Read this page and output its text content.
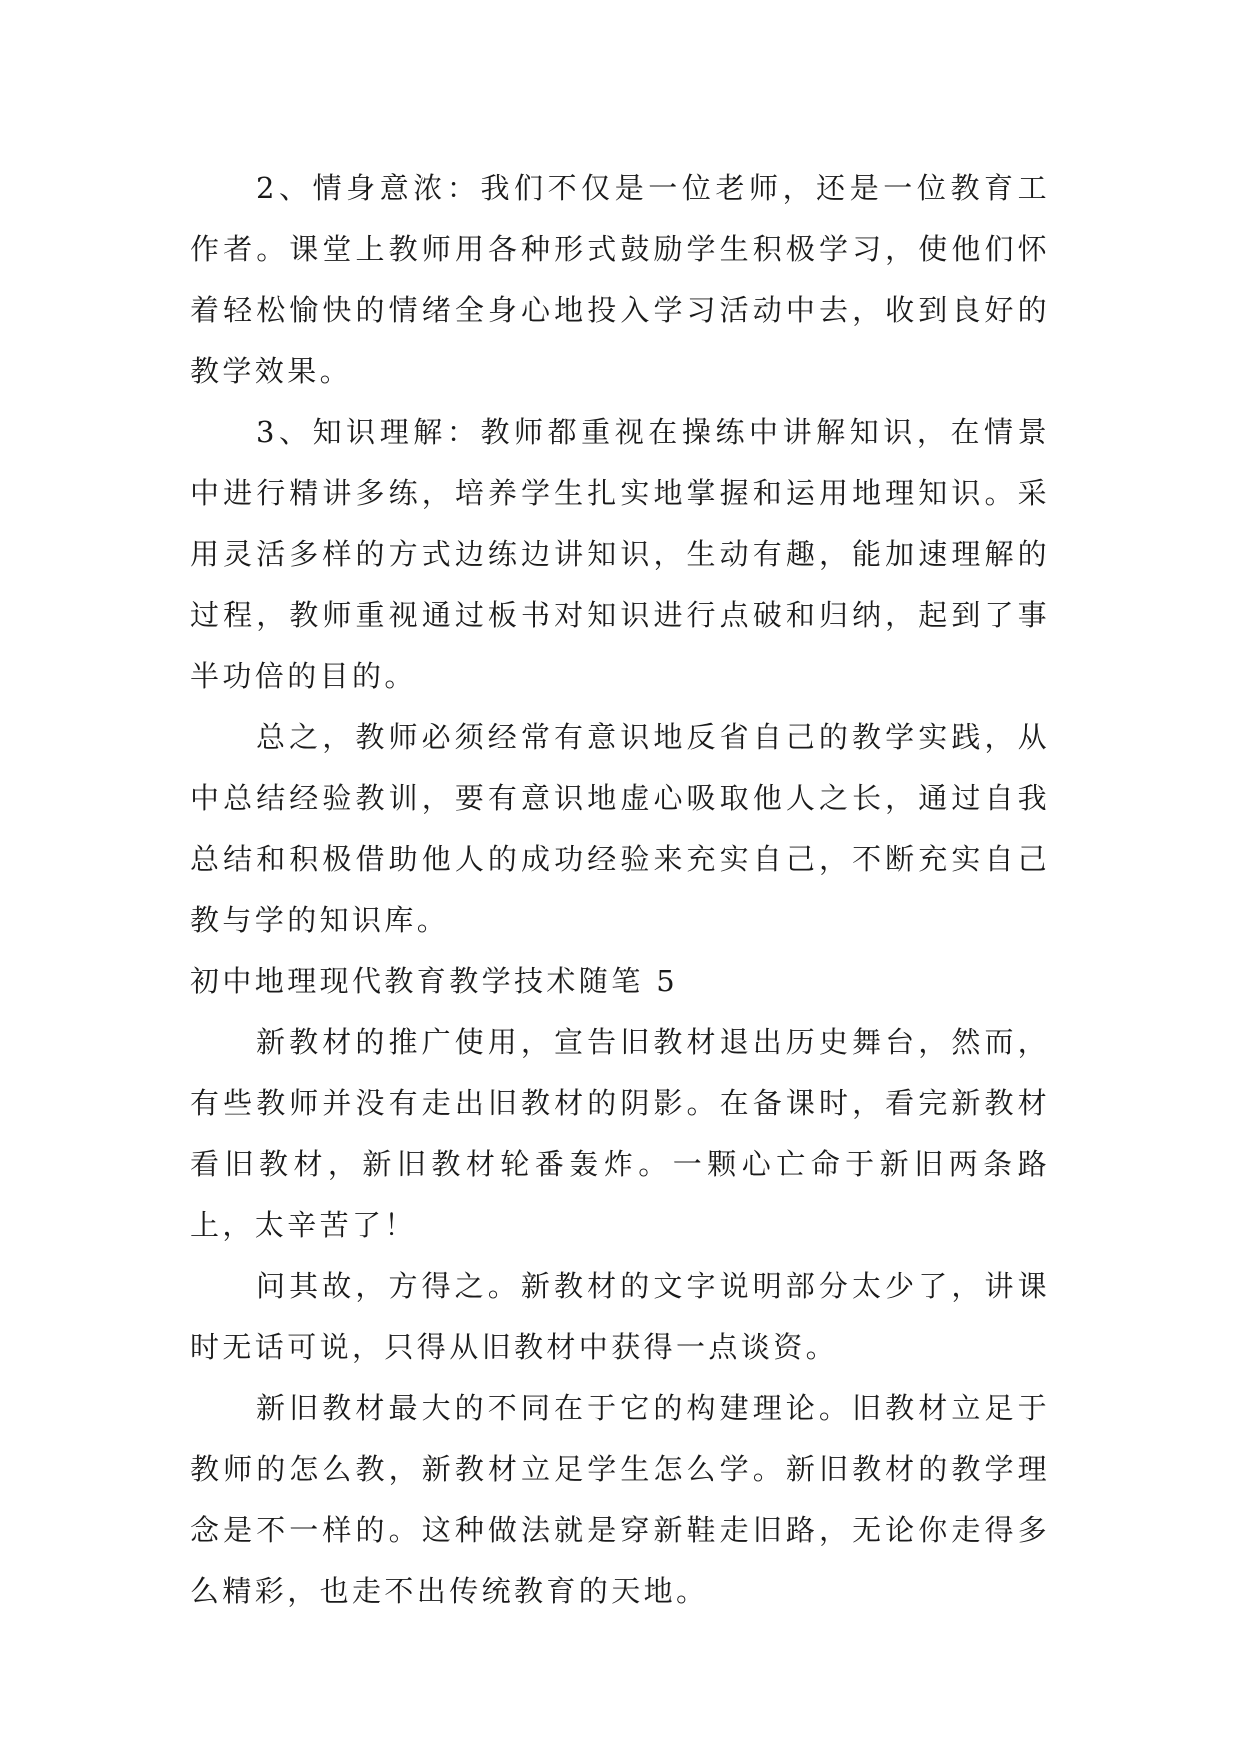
2、情身意浓：我们不仅是一位老师，还是一位教育工作者。课堂上教师用各种形式鼓励学生积极学习，使他们怀着轻松愉快的情绪全身心地投入学习活动中去，收到良好的教学效果。

3、知识理解：教师都重视在操练中讲解知识，在情景中进行精讲多练，培养学生扎实地掌握和运用地理知识。采用灵活多样的方式边练边讲知识，生动有趣，能加速理解的过程，教师重视通过板书对知识进行点破和归纳，起到了事半功倍的目的。

总之，教师必须经常有意识地反省自己的教学实践，从中总结经验教训，要有意识地虚心吸取他人之长，通过自我总结和积极借助他人的成功经验来充实自己，不断充实自己教与学的知识库。

初中地理现代教育教学技术随笔 5

新教材的推广使用，宣告旧教材退出历史舞台，然而，有些教师并没有走出旧教材的阴影。在备课时，看完新教材看旧教材，新旧教材轮番轰炸。一颗心亡命于新旧两条路上，太辛苦了！

问其故，方得之。新教材的文字说明部分太少了，讲课时无话可说，只得从旧教材中获得一点谈资。

新旧教材最大的不同在于它的构建理论。旧教材立足于教师的怎么教，新教材立足学生怎么学。新旧教材的教学理念是不一样的。这种做法就是穿新鞋走旧路，无论你走得多么精彩，也走不出传统教育的天地。
